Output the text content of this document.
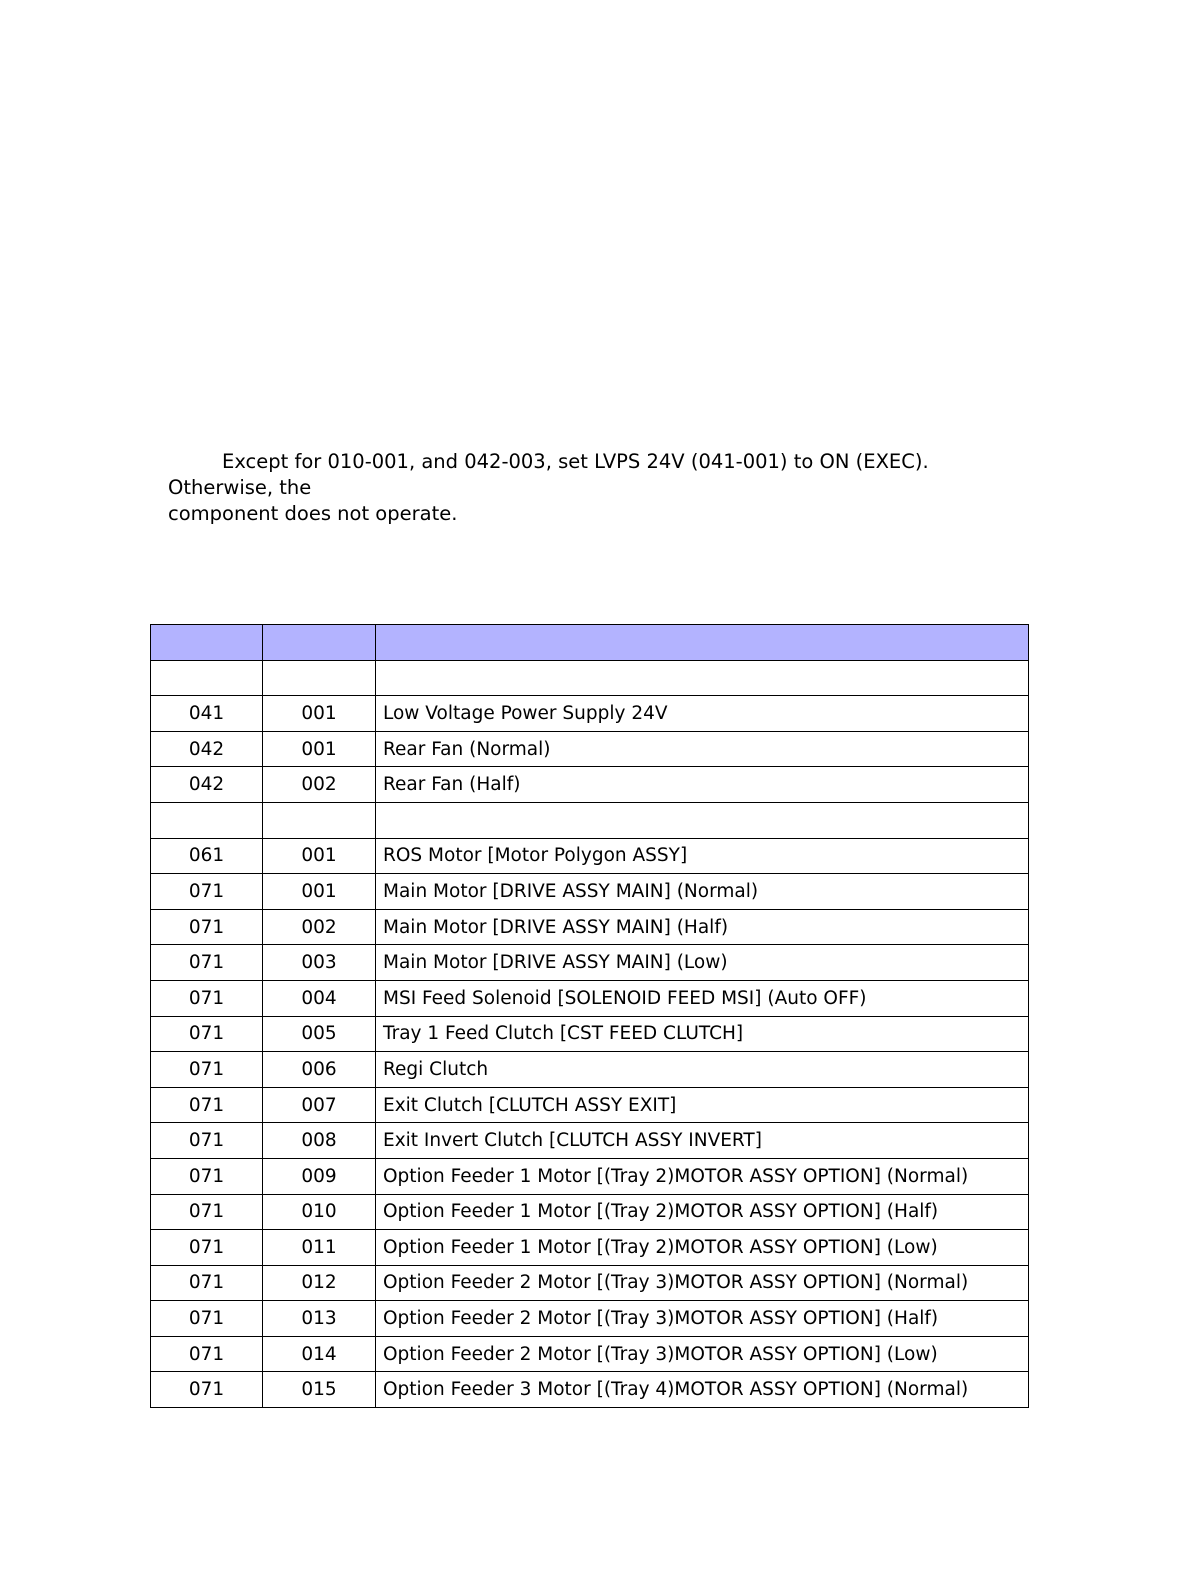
Except for 010-001, and 042-003, set LVPS 24V (041-001) to ON (EXEC). Otherwise, the
component does not operate.

041	001	Low Voltage Power Supply 24V
042	001	Rear Fan (Normal)
042	002	Rear Fan (Half)

061	001	ROS Motor [Motor Polygon ASSY]
071	001	Main Motor [DRIVE ASSY MAIN] (Normal)
071	002	Main Motor [DRIVE ASSY MAIN] (Half)
071	003	Main Motor [DRIVE ASSY MAIN] (Low)
071	004	MSI Feed Solenoid [SOLENOID FEED MSI] (Auto OFF)
071	005	Tray 1 Feed Clutch [CST FEED CLUTCH]
071	006	Regi Clutch
071	007	Exit Clutch [CLUTCH ASSY EXIT]
071	008	Exit Invert Clutch [CLUTCH ASSY INVERT]
071	009	Option Feeder 1 Motor [(Tray 2)MOTOR ASSY OPTION] (Normal)
071	010	Option Feeder 1 Motor [(Tray 2)MOTOR ASSY OPTION] (Half)
071	011	Option Feeder 1 Motor [(Tray 2)MOTOR ASSY OPTION] (Low)
071	012	Option Feeder 2 Motor [(Tray 3)MOTOR ASSY OPTION] (Normal)
071	013	Option Feeder 2 Motor [(Tray 3)MOTOR ASSY OPTION] (Half)
071	014	Option Feeder 2 Motor [(Tray 3)MOTOR ASSY OPTION] (Low)
071	015	Option Feeder 3 Motor [(Tray 4)MOTOR ASSY OPTION] (Normal)
